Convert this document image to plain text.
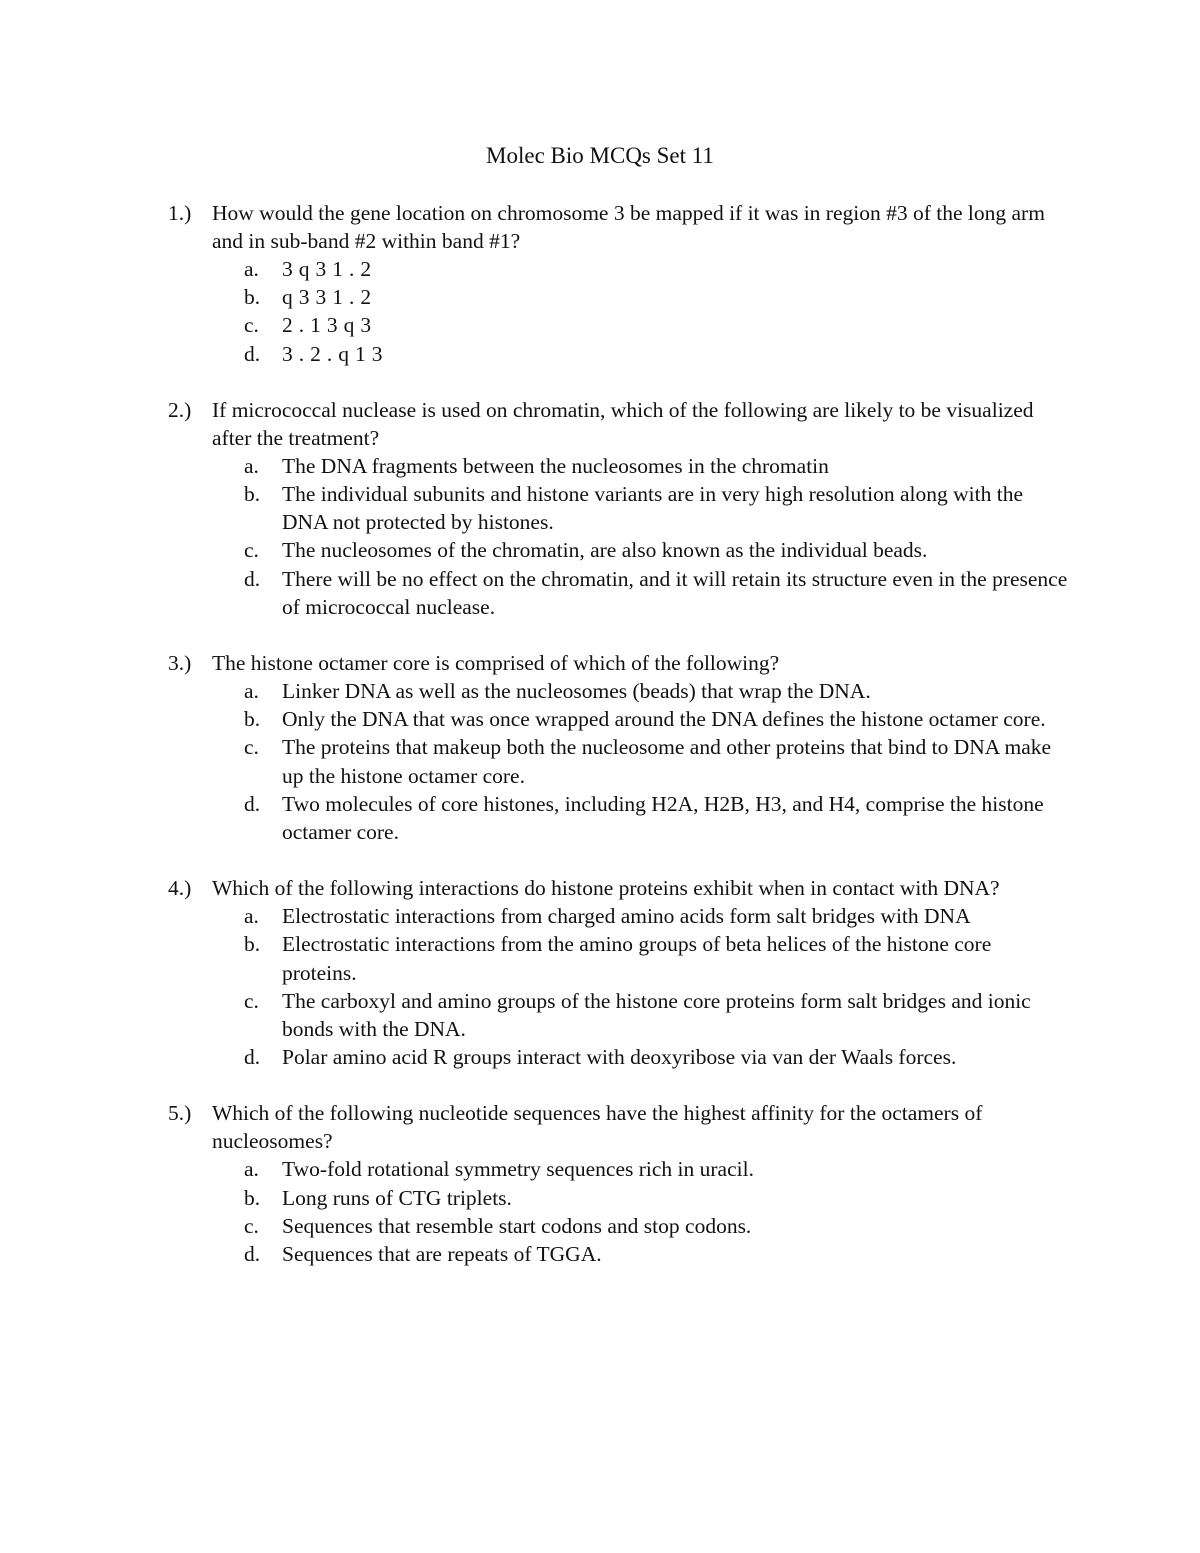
Molec Bio MCQs Set 11
1.) How would the gene location on chromosome 3 be mapped if it was in region #3 of the long arm and in sub-band #2 within band #1?
a.	3q31.2
b.	q331.2
c.	2.13q3
d.	3.2.q13
2.) If micrococcal nuclease is used on chromatin, which of the following are likely to be visualized after the treatment?
a.	The DNA fragments between the nucleosomes in the chromatin
b.	The individual subunits and histone variants are in very high resolution along with the DNA not protected by histones.
c.	The nucleosomes of the chromatin, are also known as the individual beads.
d.	There will be no effect on the chromatin, and it will retain its structure even in the presence of micrococcal nuclease.
3.) The histone octamer core is comprised of which of the following?
a.	Linker DNA as well as the nucleosomes (beads) that wrap the DNA.
b.	Only the DNA that was once wrapped around the DNA defines the histone octamer core.
c.	The proteins that makeup both the nucleosome and other proteins that bind to DNA make up the histone octamer core.
d.	Two molecules of core histones, including H2A, H2B, H3, and H4, comprise the histone octamer core.
4.) Which of the following interactions do histone proteins exhibit when in contact with DNA?
a.	Electrostatic interactions from charged amino acids form salt bridges with DNA
b.	Electrostatic interactions from the amino groups of beta helices of the histone core proteins.
c.	The carboxyl and amino groups of the histone core proteins form salt bridges and ionic bonds with the DNA.
d.	Polar amino acid R groups interact with deoxyribose via van der Waals forces.
5.) Which of the following nucleotide sequences have the highest affinity for the octamers of nucleosomes?
a.	Two-fold rotational symmetry sequences rich in uracil.
b.	Long runs of CTG triplets.
c.	Sequences that resemble start codons and stop codons.
d.	Sequences that are repeats of TGGA.
